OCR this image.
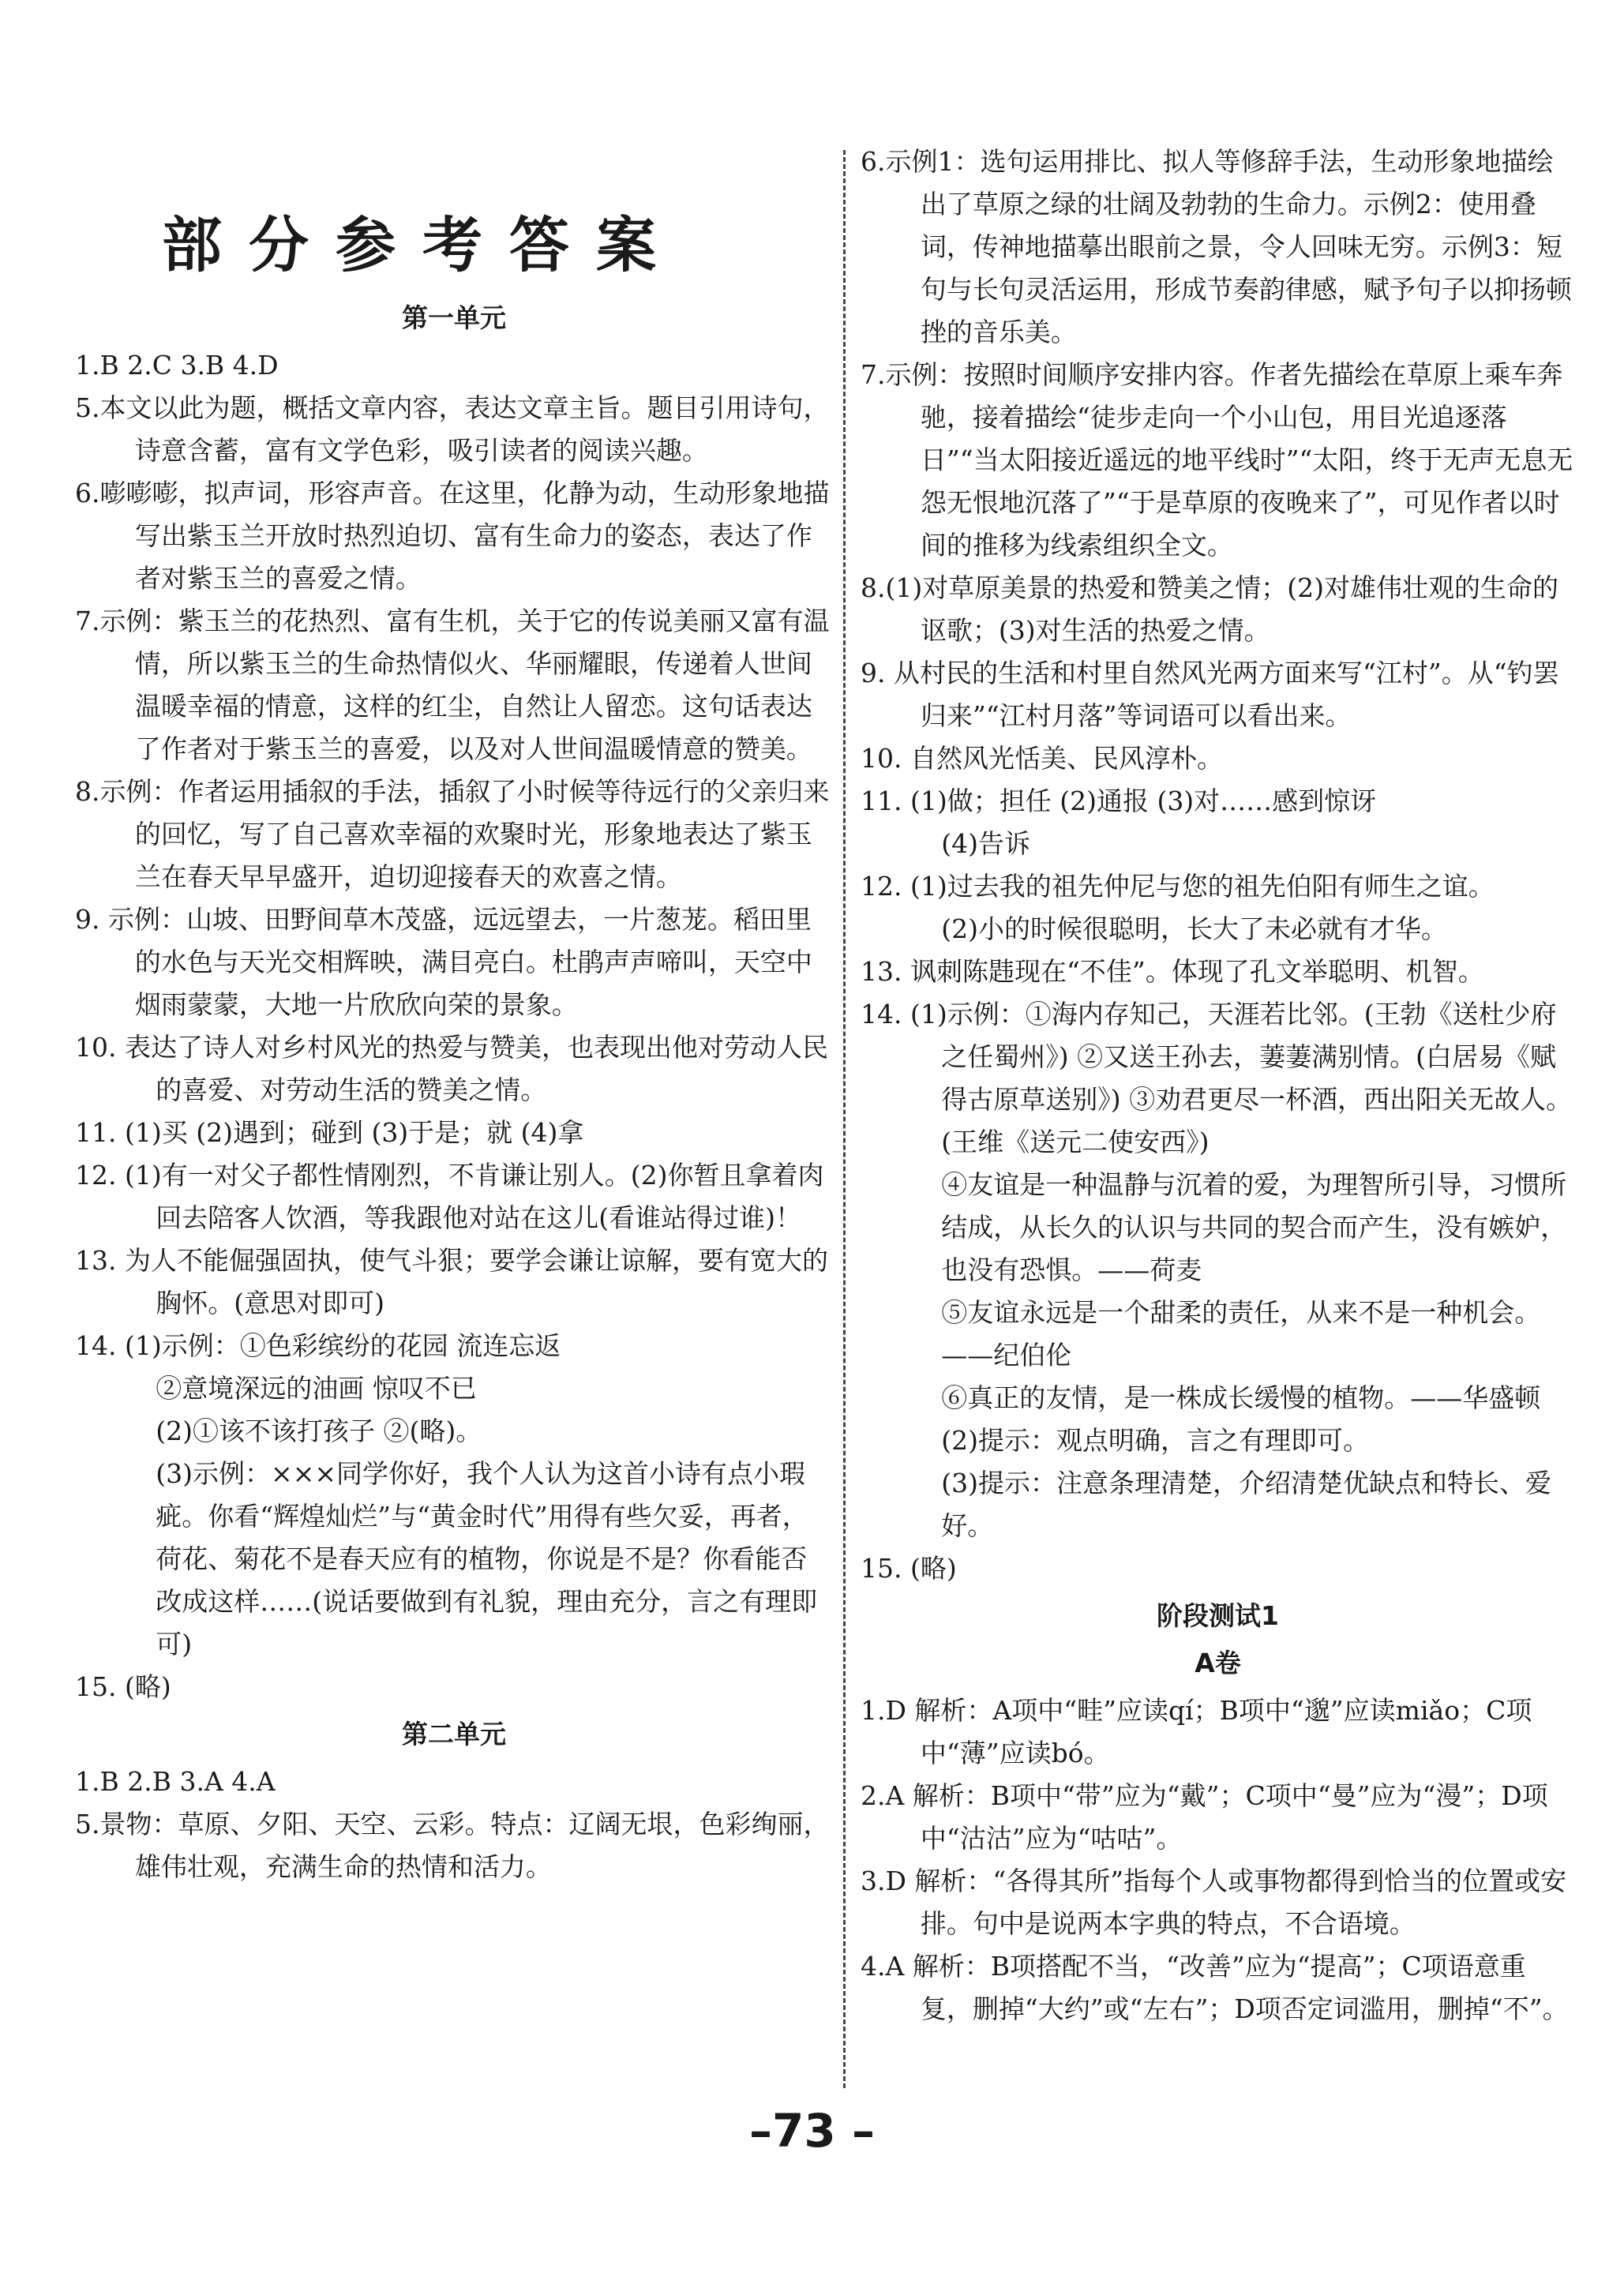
部分参考答案
第一单元

1.B 2.C 3.B 4.D

5.本文以此为题，概括文章内容，表达文章主旨。题目引用诗句，诗意含蓄，富有文学色彩，吸引读者的阅读兴趣。

6.嘭嘭嘭，拟声词，形容声音。在这里，化静为动，生动形象地描写出紫玉兰开放时热烈迫切、富有生命力的姿态，表达了作者对紫玉兰的喜爱之情。

7.示例：紫玉兰的花热烈、富有生机，关于它的传说美丽又富有温情，所以紫玉兰的生命热情似火、华丽耀眼，传递着人世间温暖幸福的情意，这样的红尘，自然让人留恋。这句话表达了作者对于紫玉兰的喜爱，以及对人世间温暖情意的赞美。

8.示例：作者运用插叙的手法，插叙了小时候等待远行的父亲归来的回忆，写了自己喜欢幸福的欢聚时光，形象地表达了紫玉兰在春天早早盛开，迫切迎接春天的欢喜之情。

9. 示例：山坡、田野间草木茂盛，远远望去，一片葱茏。稻田里的水色与天光交相辉映，满目亮白。杜鹃声声啼叫，天空中烟雨蒙蒙，大地一片欣欣向荣的景象。

10. 表达了诗人对乡村风光的热爱与赞美，也表现出他对劳动人民的喜爱、对劳动生活的赞美之情。

11. (1)买 (2)遇到；碰到 (3)于是；就 (4)拿

12. (1)有一对父子都性情刚烈，不肯谦让别人。(2)你暂且拿着肉回去陪客人饮酒，等我跟他对站在这儿(看谁站得过谁)！

13. 为人不能倔强固执，使气斗狠；要学会谦让谅解，要有宽大的胸怀。(意思对即可)

14. (1)示例：①色彩缤纷的花园 流连忘返

②意境深远的油画 惊叹不已

(2)①该不该打孩子 ②(略)。

(3)示例：×××同学你好，我个人认为这首小诗有点小瑕疵。你看“辉煌灿烂”与“黄金时代”用得有些欠妥，再者，荷花、菊花不是春天应有的植物，你说是不是？你看能否改成这样……(说话要做到有礼貌，理由充分，言之有理即可)

15. (略)

第二单元

1.B 2.B 3.A 4.A

5.景物：草原、夕阳、天空、云彩。特点：辽阔无垠，色彩绚丽，雄伟壮观，充满生命的热情和活力。

6.示例1：选句运用排比、拟人等修辞手法，生动形象地描绘出了草原之绿的壮阔及勃勃的生命力。示例2：使用叠词，传神地描摹出眼前之景，令人回味无穷。示例3：短句与长句灵活运用，形成节奏韵律感，赋予句子以抑扬顿挫的音乐美。

7.示例：按照时间顺序安排内容。作者先描绘在草原上乘车奔驰，接着描绘“徒步走向一个小山包，用目光追逐落日”“当太阳接近遥远的地平线时”“太阳，终于无声无息无怨无恨地沉落了”“于是草原的夜晚来了”，可见作者以时间的推移为线索组织全文。

8.(1)对草原美景的热爱和赞美之情；(2)对雄伟壮观的生命的讴歌；(3)对生活的热爱之情。

9. 从村民的生活和村里自然风光两方面来写“江村”。从“钓罢归来”“江村月落”等词语可以看出来。

10. 自然风光恬美、民风淳朴。

11. (1)做；担任 (2)通报 (3)对……感到惊讶

(4)告诉

12. (1)过去我的祖先仲尼与您的祖先伯阳有师生之谊。

(2)小的时候很聪明，长大了未必就有才华。

13. 讽刺陈韪现在“不佳”。体现了孔文举聪明、机智。

14. (1)示例：①海内存知己，天涯若比邻。(王勃《送杜少府之任蜀州》) ②又送王孙去，萋萋满别情。(白居易《赋得古原草送别》) ③劝君更尽一杯酒，西出阳关无故人。(王维《送元二使安西》)

④友谊是一种温静与沉着的爱，为理智所引导，习惯所结成，从长久的认识与共同的契合而产生，没有嫉妒，也没有恐惧。——荷麦

⑤友谊永远是一个甜柔的责任，从来不是一种机会。——纪伯伦

⑥真正的友情，是一株成长缓慢的植物。——华盛顿

(2)提示：观点明确，言之有理即可。

(3)提示：注意条理清楚，介绍清楚优缺点和特长、爱好。

15. (略)

阶段测试1
A卷

1.D 解析：A项中“畦”应读qí；B项中“邈”应读miǎo；C项中“薄”应读bó。

2.A 解析：B项中“带”应为“戴”；C项中“曼”应为“漫”；D项中“沽沽”应为“咕咕”。

3.D 解析：“各得其所”指每个人或事物都得到恰当的位置或安排。句中是说两本字典的特点，不合语境。

4.A 解析：B项搭配不当，“改善”应为“提高”；C项语意重复，删掉“大约”或“左右”；D项否定词滥用，删掉“不”。

–73 –
